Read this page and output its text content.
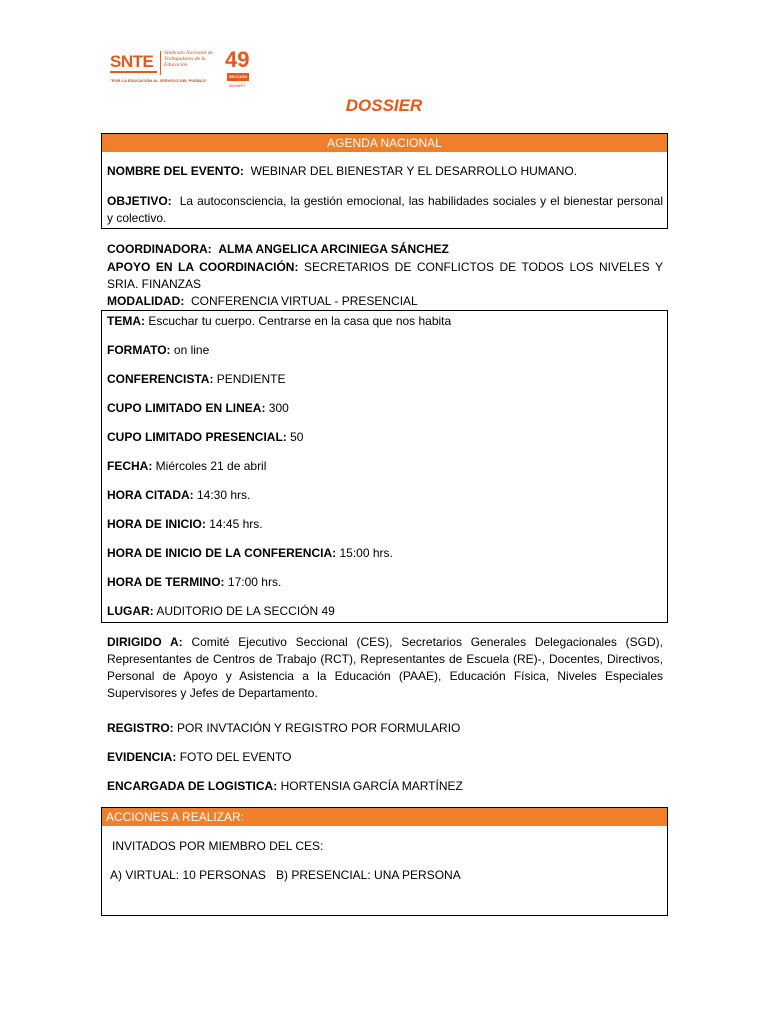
SNTE Sindicato Nacional de Trabajadores de la Educación	49
SECCIÓN
NAYARIT
"POR LA EDUCACIÓN AL SERVICIO DEL PUEBLO"
DOSSIER
AGENDA NACIONAL
NOMBRE DEL EVENTO: WEBINAR DEL BIENESTAR Y EL DESARROLLO HUMANO.
OBJETIVO: La autoconsciencia, la gestión emocional, las habilidades sociales y el bienestar personal y colectivo.
COORDINADORA: ALMA ANGELICA ARCINIEGA SÁNCHEZ
APOYO EN LA COORDINACIÓN: SECRETARIOS DE CONFLICTOS DE TODOS LOS NIVELES Y SRIA. FINANZAS
MODALIDAD: CONFERENCIA VIRTUAL - PRESENCIAL
TEMA: Escuchar tu cuerpo. Centrarse en la casa que nos habita
FORMATO: on line
CONFERENCISTA: PENDIENTE
CUPO LIMITADO EN LINEA: 300
CUPO LIMITADO PRESENCIAL: 50
FECHA: Miércoles 21 de abril
HORA CITADA: 14:30 hrs.
HORA DE INICIO: 14:45 hrs.
HORA DE INICIO DE LA CONFERENCIA: 15:00 hrs.
HORA DE TERMINO: 17:00 hrs.
LUGAR: AUDITORIO DE LA SECCIÓN 49
DIRIGIDO A: Comité Ejecutivo Seccional (CES), Secretarios Generales Delegacionales (SGD), Representantes de Centros de Trabajo (RCT), Representantes de Escuela (RE)-, Docentes, Directivos, Personal de Apoyo y Asistencia a la Educación (PAAE), Educación Física, Niveles Especiales Supervisores y Jefes de Departamento.
REGISTRO: POR INVTACIÓN Y REGISTRO POR FORMULARIO
EVIDENCIA: FOTO DEL EVENTO
ENCARGADA DE LOGISTICA: HORTENSIA GARCÍA MARTÍNEZ
ACCIONES A REALIZAR:
INVITADOS POR MIEMBRO DEL CES:
A) VIRTUAL: 10 PERSONAS B) PRESENCIAL: UNA PERSONA
